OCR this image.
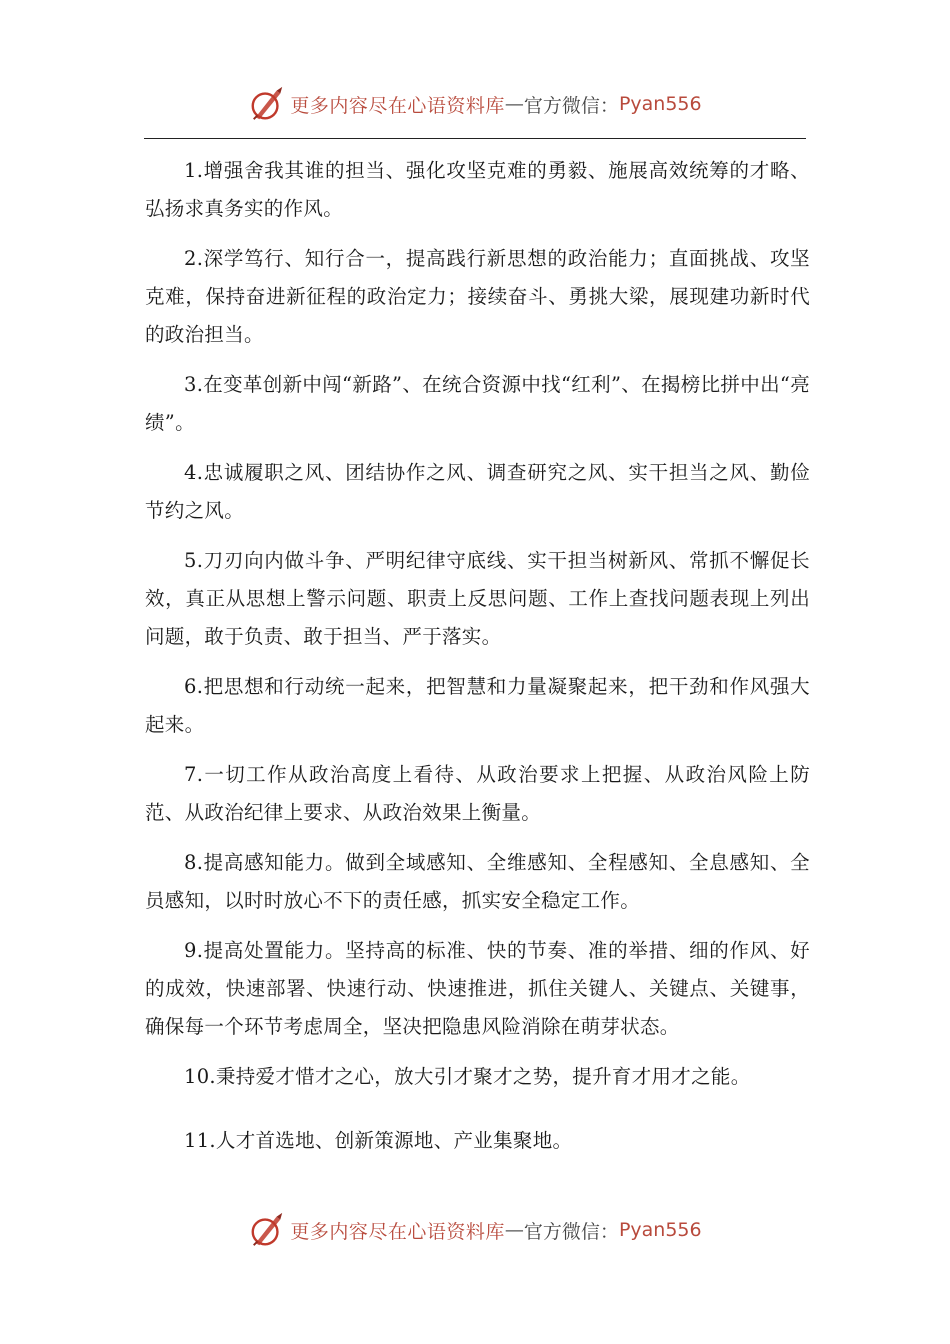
更多内容尽在心语资料库 — 官方微信： Pyan556

1.增强舍我其谁的担当、强化攻坚克难的勇毅、施展高效统筹的才略、弘扬求真务实的作风。

2.深学笃行、知行合一，提高践行新思想的政治能力；直面挑战、攻坚克难，保持奋进新征程的政治定力；接续奋斗、勇挑大梁，展现建功新时代的政治担当。

3.在变革创新中闯“新路”、在统合资源中找“红利”、在揭榜比拼中出“亮绩”。

4.忠诚履职之风、团结协作之风、调查研究之风、实干担当之风、勤俭节约之风。

5.刀刃向内做斗争、严明纪律守底线、实干担当树新风、常抓不懈促长效，真正从思想上警示问题、职责上反思问题、工作上查找问题表现上列出问题，敢于负责、敢于担当、严于落实。

6.把思想和行动统一起来，把智慧和力量凝聚起来，把干劲和作风强大起来。

7.一切工作从政治高度上看待、从政治要求上把握、从政治风险上防范、从政治纪律上要求、从政治效果上衡量。

8.提高感知能力。做到全域感知、全维感知、全程感知、全息感知、全员感知，以时时放心不下的责任感，抓实安全稳定工作。

9.提高处置能力。坚持高的标准、快的节奏、准的举措、细的作风、好的成效，快速部署、快速行动、快速推进，抓住关键人、关键点、关键事，确保每一个环节考虑周全，坚决把隐患风险消除在萌芽状态。

10.秉持爱才惜才之心，放大引才聚才之势，提升育才用才之能。

11.人才首选地、创新策源地、产业集聚地。

更多内容尽在心语资料库 — 官方微信： Pyan556
